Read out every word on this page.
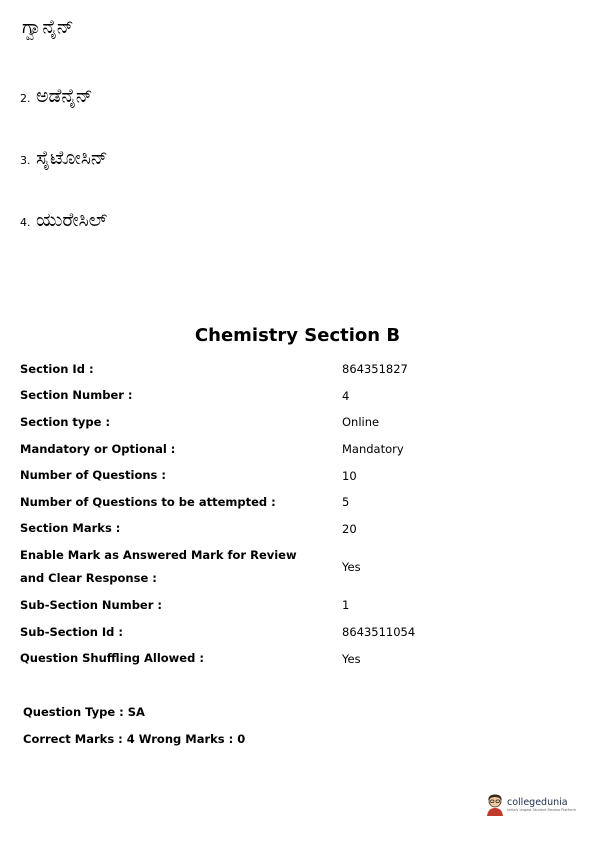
ಗ್ವಾನೈನ್
2. ಅಡೆನೈನ್
3. ಸೈಟೋಸಿನ್
4. ಯುರೇಸಿಲ್
Chemistry Section B
Section Id :	864351827
Section Number :	4
Section type :	Online
Mandatory or Optional :	Mandatory
Number of Questions :	10
Number of Questions to be attempted :	5
Section Marks :	20
Enable Mark as Answered Mark for Review and Clear Response :	Yes
Sub-Section Number :	1
Sub-Section Id :	8643511054
Question Shuffling Allowed :	Yes
Question Type : SA
Correct Marks : 4 Wrong Marks : 0
collegedunia
India's largest Student Review Platform
